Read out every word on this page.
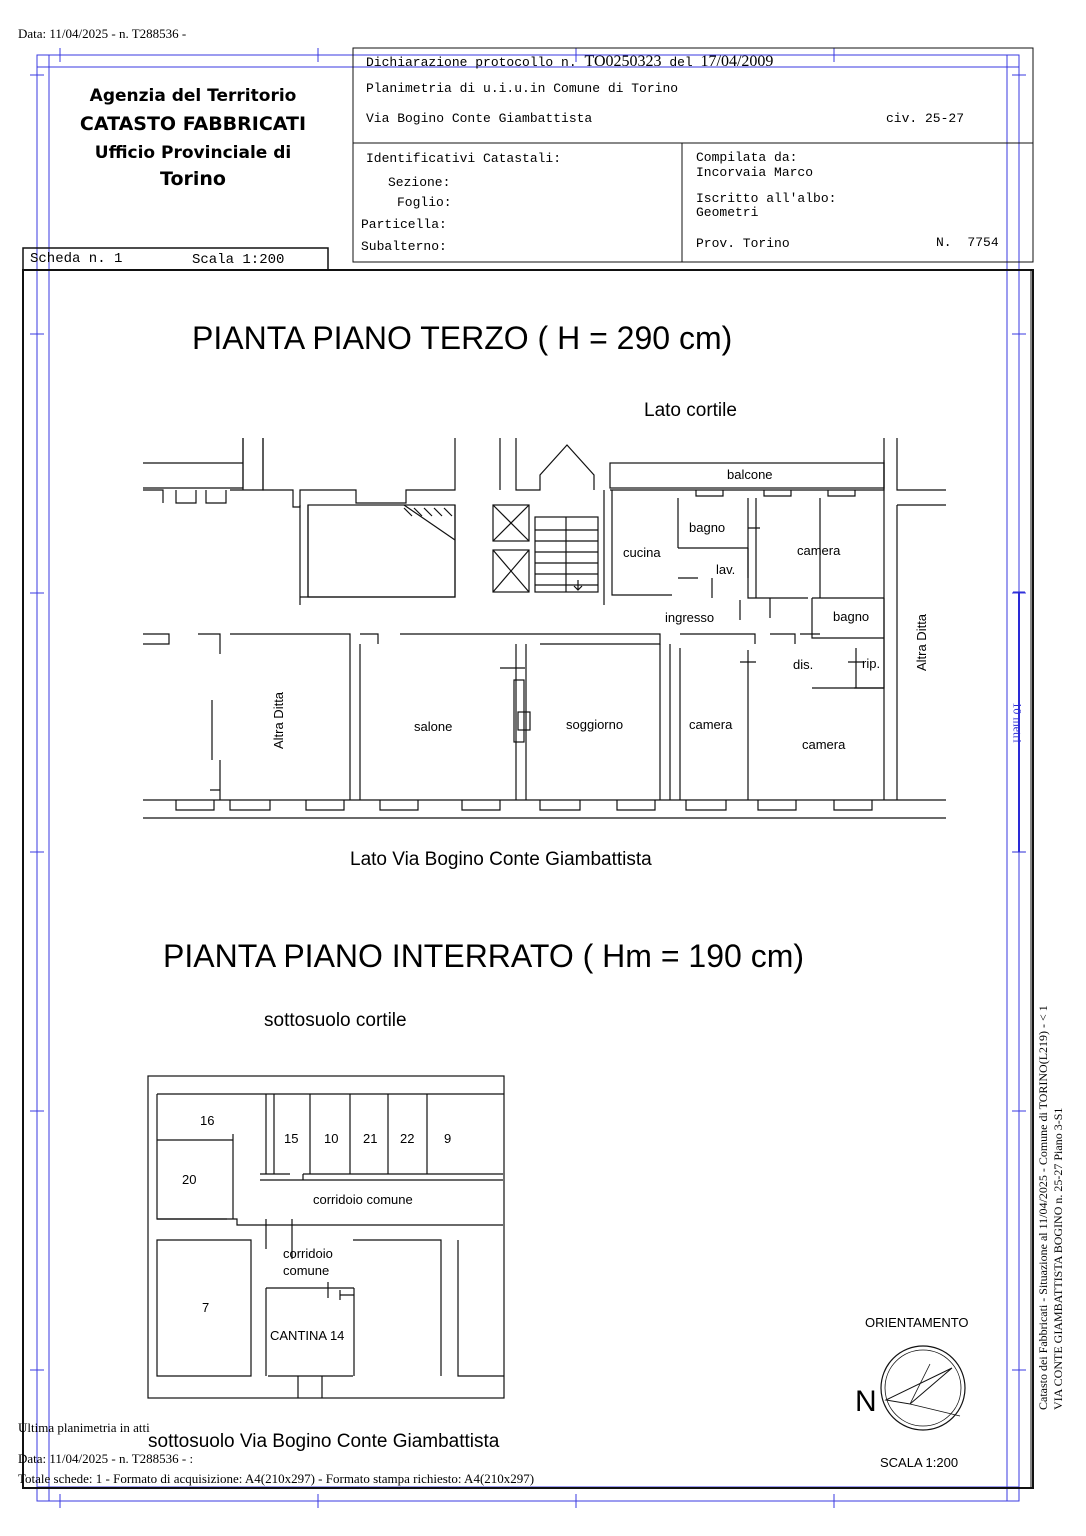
Data: 11/04/2025 - n. T288536 -
Agenzia del Territorio
CATASTO FABBRICATI
Ufficio Provinciale di
Torino
Scheda n. 1	Scala 1:200
Dichiarazione protocollo n. TO0250323 del 17/04/2009
Planimetria di u.i.u.in Comune di Torino
Via Bogino Conte Giambattista	civ. 25-27
Identificativi Catastali:
Sezione:
Foglio:
Particella:
Subalterno:
Compilata da:
Incorvaia Marco
Iscritto all'albo:
Geometri
Prov. Torino	N. 7754
PIANTA PIANO TERZO ( H = 290 cm)
Lato cortile
Lato Via Bogino Conte Giambattista
balcone
bagno
cucina
lav.
camera
ingresso	bagno
dis.	rip.
salone	soggiorno	camera
camera
Altra Ditta
Altra Ditta
10 metri
PIANTA PIANO INTERRATO ( Hm = 190 cm)
sottosuolo cortile
sottosuolo Via Bogino Conte Giambattista
16
15 10 21 22 9
20
corridoio comune
corridoio
comune
7
CANTINA 14
ORIENTAMENTO
N
SCALA 1:200
Catasto dei Fabbricati - Situazione al 11/04/2025 - Comune di TORINO(L219) - < 1 VIA CONTE GIAMBATTISTA BOGINO n. 25-27 Piano 3-S1
Ultima planimetria in atti
Data: 11/04/2025 - n. T288536 - :
Totale schede: 1 - Formato di acquisizione: A4(210x297) - Formato stampa richiesto: A4(210x297)
